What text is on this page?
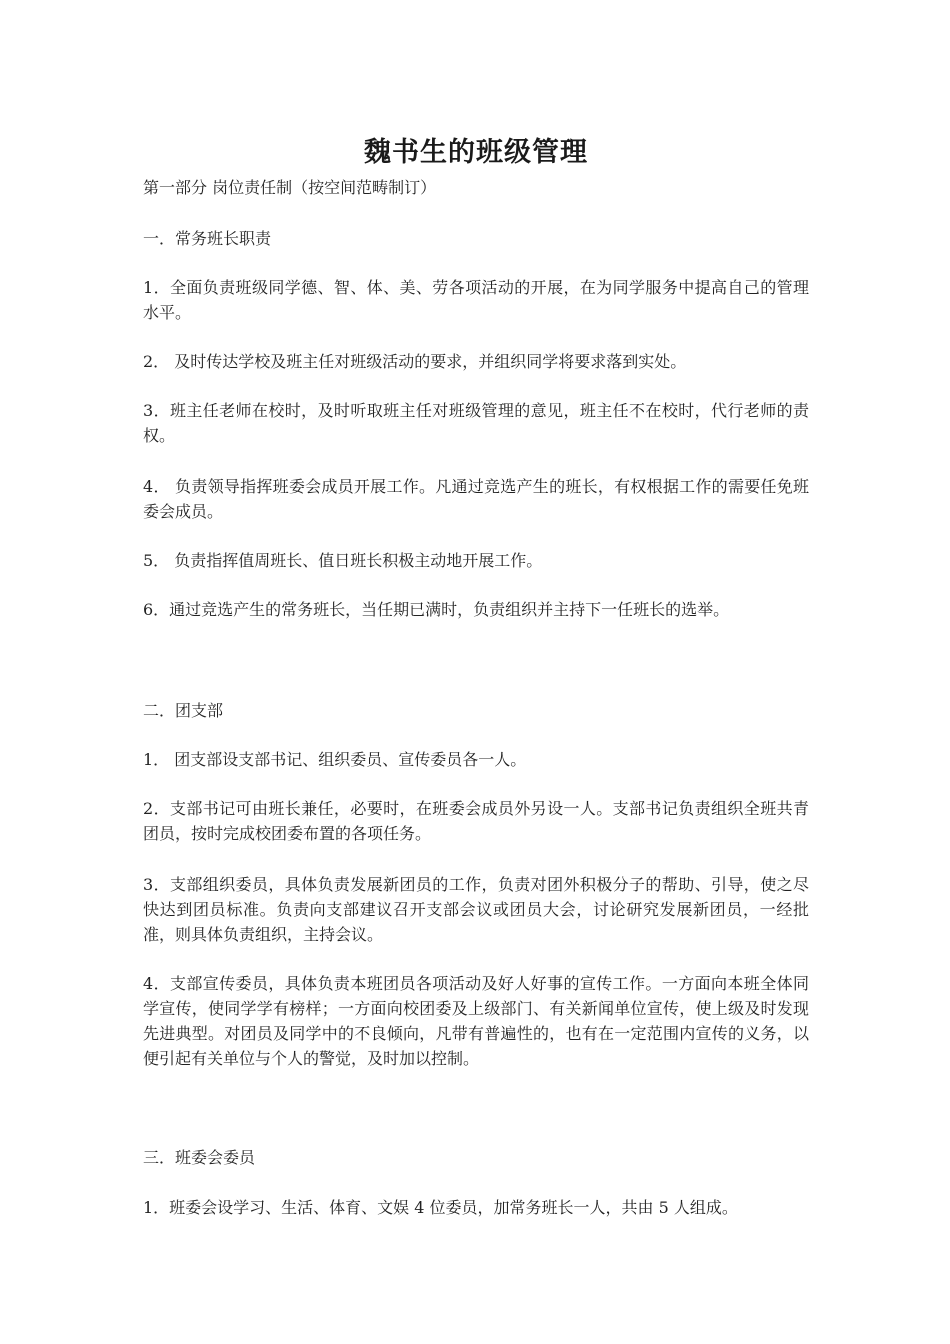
魏书生的班级管理
第一部分 岗位责任制（按空间范畴制订）
一．常务班长职责
1．全面负责班级同学德、智、体、美、劳各项活动的开展，在为同学服务中提高自己的管理水平。
2． 及时传达学校及班主任对班级活动的要求，并组织同学将要求落到实处。
3．班主任老师在校时，及时听取班主任对班级管理的意见，班主任不在校时，代行老师的责权。
4． 负责领导指挥班委会成员开展工作。凡通过竞选产生的班长，有权根据工作的需要任免班委会成员。
5． 负责指挥值周班长、值日班长积极主动地开展工作。
6．通过竞选产生的常务班长，当任期已满时，负责组织并主持下一任班长的选举。
二．团支部
1． 团支部设支部书记、组织委员、宣传委员各一人。
2．支部书记可由班长兼任，必要时，在班委会成员外另设一人。支部书记负责组织全班共青团员，按时完成校团委布置的各项任务。
3．支部组织委员，具体负责发展新团员的工作，负责对团外积极分子的帮助、引导，使之尽快达到团员标准。负责向支部建议召开支部会议或团员大会，讨论研究发展新团员，一经批准，则具体负责组织，主持会议。
4．支部宣传委员，具体负责本班团员各项活动及好人好事的宣传工作。一方面向本班全体同学宣传，使同学学有榜样；一方面向校团委及上级部门、有关新闻单位宣传，使上级及时发现先进典型。对团员及同学中的不良倾向，凡带有普遍性的，也有在一定范围内宣传的义务，以便引起有关单位与个人的警觉，及时加以控制。
三．班委会委员
1．班委会设学习、生活、体育、文娱 4 位委员，加常务班长一人，共由 5 人组成。
